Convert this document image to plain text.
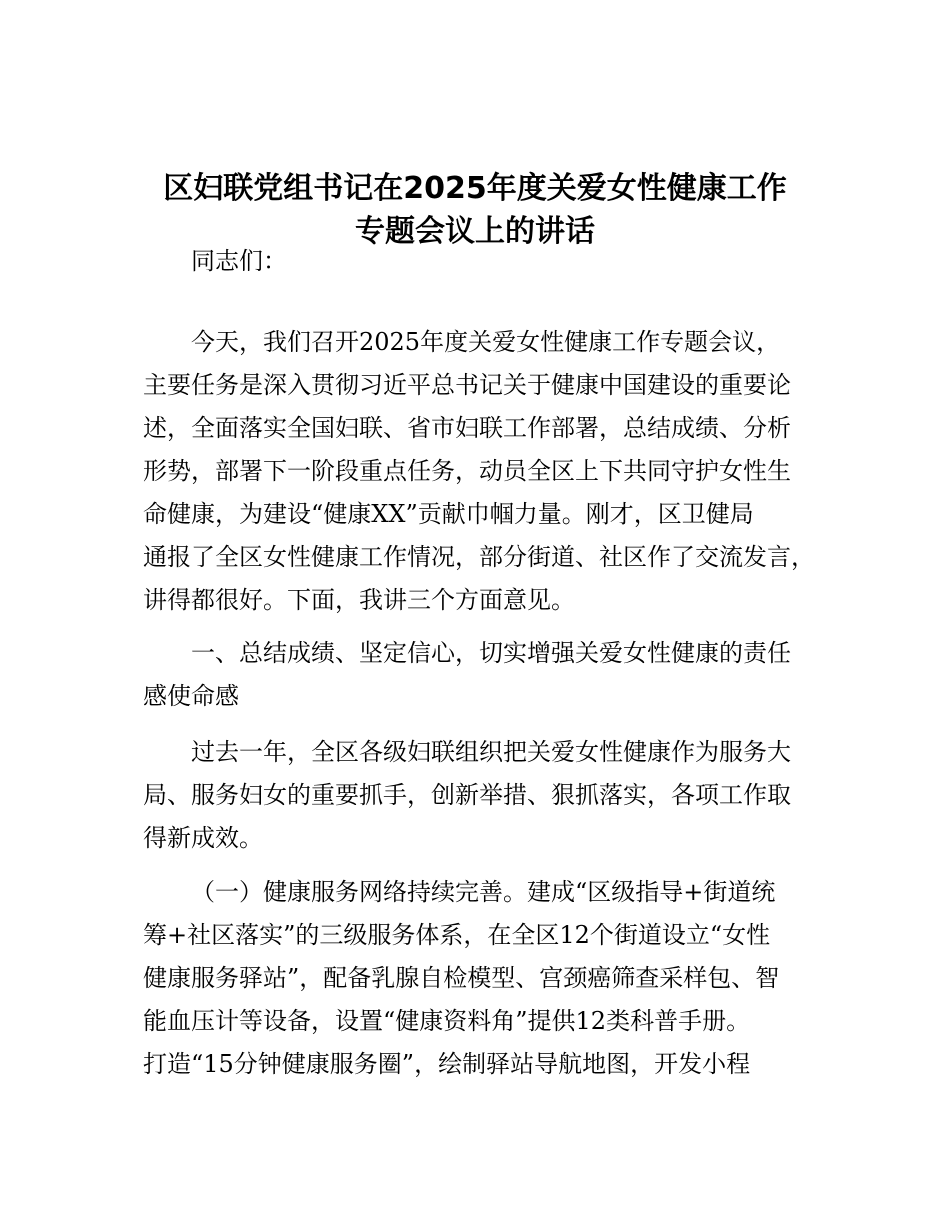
区妇联党组书记在2025年度关爱女性健康工作
专题会议上的讲话
同志们：
今天，我们召开2025年度关爱女性健康工作专题会议，
主要任务是深入贯彻习近平总书记关于健康中国建设的重要论
述，全面落实全国妇联、省市妇联工作部署，总结成绩、分析
形势，部署下一阶段重点任务，动员全区上下共同守护女性生
命健康，为建设“健康XX”贡献巾帼力量。刚才，区卫健局
通报了全区女性健康工作情况，部分街道、社区作了交流发言，
讲得都很好。下面，我讲三个方面意见。
一、总结成绩、坚定信心，切实增强关爱女性健康的责任
感使命感
过去一年，全区各级妇联组织把关爱女性健康作为服务大
局、服务妇女的重要抓手，创新举措、狠抓落实，各项工作取
得新成效。
（一）健康服务网络持续完善。建成“区级指导+街道统
筹+社区落实”的三级服务体系，在全区12个街道设立“女性
健康服务驿站”，配备乳腺自检模型、宫颈癌筛查采样包、智
能血压计等设备，设置“健康资料角”提供12类科普手册。
打造“15分钟健康服务圈”，绘制驿站导航地图，开发小程
